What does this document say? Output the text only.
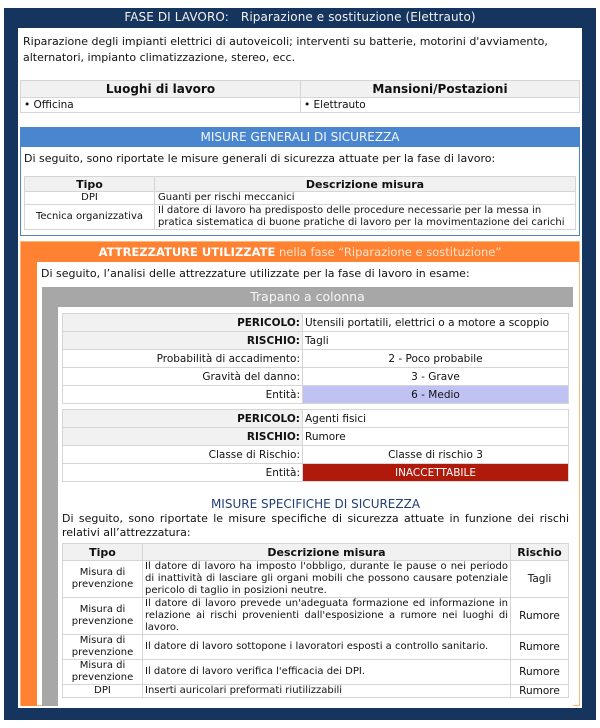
FASE DI LAVORO: Riparazione e sostituzione (Elettrauto)
Riparazione degli impianti elettrici di autoveicoli; interventi su batterie, motorini d'avviamento, alternatori, impianto climatizzazione, stereo, ecc.
Luoghi di lavoro	Mansioni/Postazioni
• Officina	• Elettrauto
MISURE GENERALI DI SICUREZZA
Di seguito, sono riportate le misure generali di sicurezza attuate per la fase di lavoro:
Tipo	Descrizione misura
DPI	Guanti per rischi meccanici
Tecnica organizzativa	Il datore di lavoro ha predisposto delle procedure necessarie per la messa in pratica sistematica di buone pratiche di lavoro per la movimentazione dei carichi
ATTREZZATURE UTILIZZATE nella fase “Riparazione e sostituzione”
Di seguito, l’analisi delle attrezzature utilizzate per la fase di lavoro in esame:
Trapano a colonna
PERICOLO:	Utensili portatili, elettrici o a motore a scoppio
RISCHIO:	Tagli
Probabilità di accadimento:	2 - Poco probabile
Gravità del danno:	3 - Grave
Entità:	6 - Medio
PERICOLO:	Agenti fisici
RISCHIO:	Rumore
Classe di Rischio:	Classe di rischio 3
Entità:	INACCETTABILE
MISURE SPECIFICHE DI SICUREZZA
Di seguito, sono riportate le misure specifiche di sicurezza attuate in funzione dei rischi relativi all’attrezzatura:
Tipo	Descrizione misura	Rischio
Misura di prevenzione	Il datore di lavoro ha imposto l'obbligo, durante le pause o nei periodo di inattività di lasciare gli organi mobili che possono causare potenziale pericolo di taglio in posizioni neutre.	Tagli
Misura di prevenzione	Il datore di lavoro prevede un'adeguata formazione ed informazione in relazione ai rischi provenienti dall'esposizione a rumore nei luoghi di lavoro.	Rumore
Misura di prevenzione	Il datore di lavoro sottopone i lavoratori esposti a controllo sanitario.	Rumore
Misura di prevenzione	Il datore di lavoro verifica l'efficacia dei DPI.	Rumore
DPI	Inserti auricolari preformati riutilizzabili	Rumore
